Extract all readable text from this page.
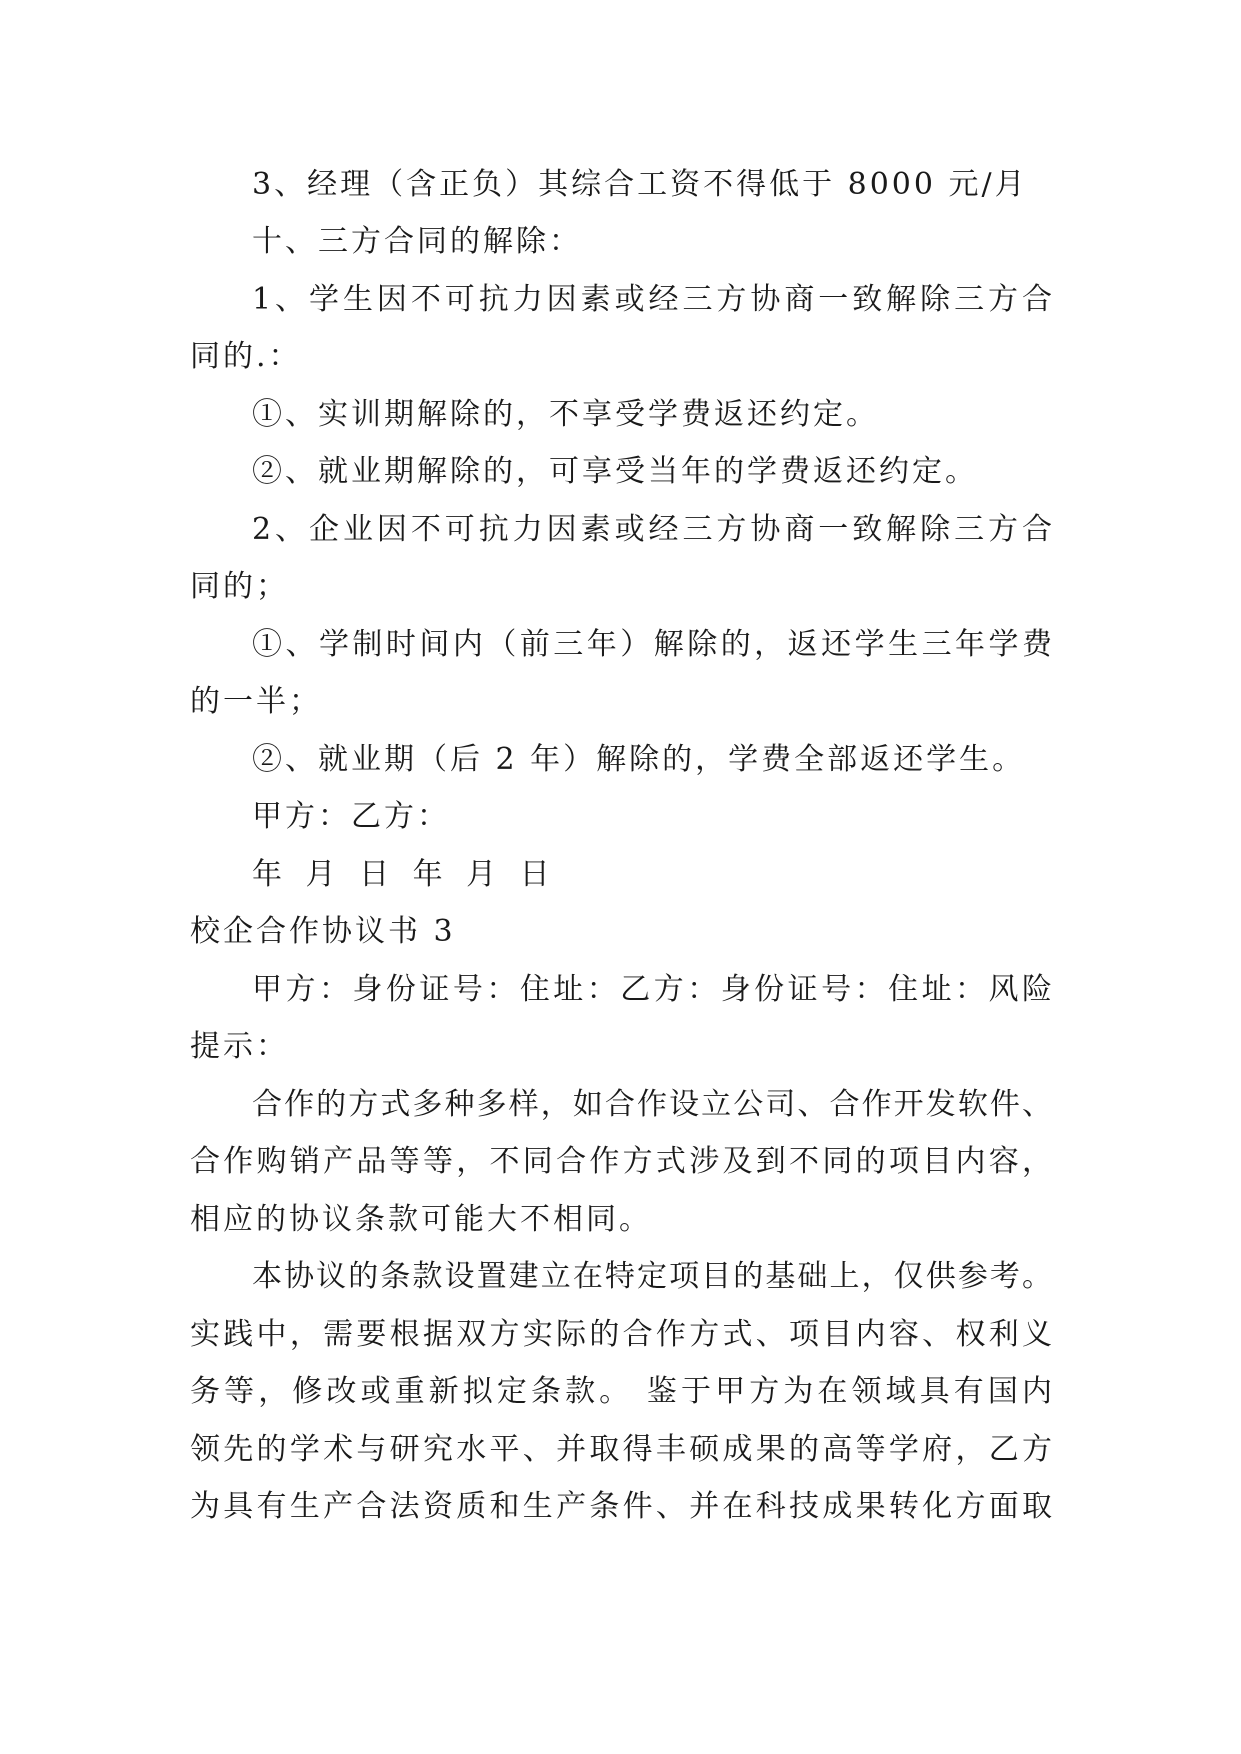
3、经理（含正负）其综合工资不得低于 8000 元/月
十、三方合同的解除：
1、学生因不可抗力因素或经三方协商一致解除三方合
同的.：
①、实训期解除的，不享受学费返还约定。
②、就业期解除的，可享受当年的学费返还约定。
2、企业因不可抗力因素或经三方协商一致解除三方合
同的；
①、学制时间内（前三年）解除的，返还学生三年学费
的一半；
②、就业期（后 2 年）解除的，学费全部返还学生。
甲方：乙方：
年 月 日 年 月 日
校企合作协议书 3
甲方：身份证号：住址：乙方：身份证号：住址：风险
提示：
合作的方式多种多样，如合作设立公司、合作开发软件、
合作购销产品等等，不同合作方式涉及到不同的项目内容，
相应的协议条款可能大不相同。
本协议的条款设置建立在特定项目的基础上，仅供参考。
实践中，需要根据双方实际的合作方式、项目内容、权利义
务等，修改或重新拟定条款。 鉴于甲方为在领域具有国内
领先的学术与研究水平、并取得丰硕成果的高等学府，乙方
为具有生产合法资质和生产条件、并在科技成果转化方面取
